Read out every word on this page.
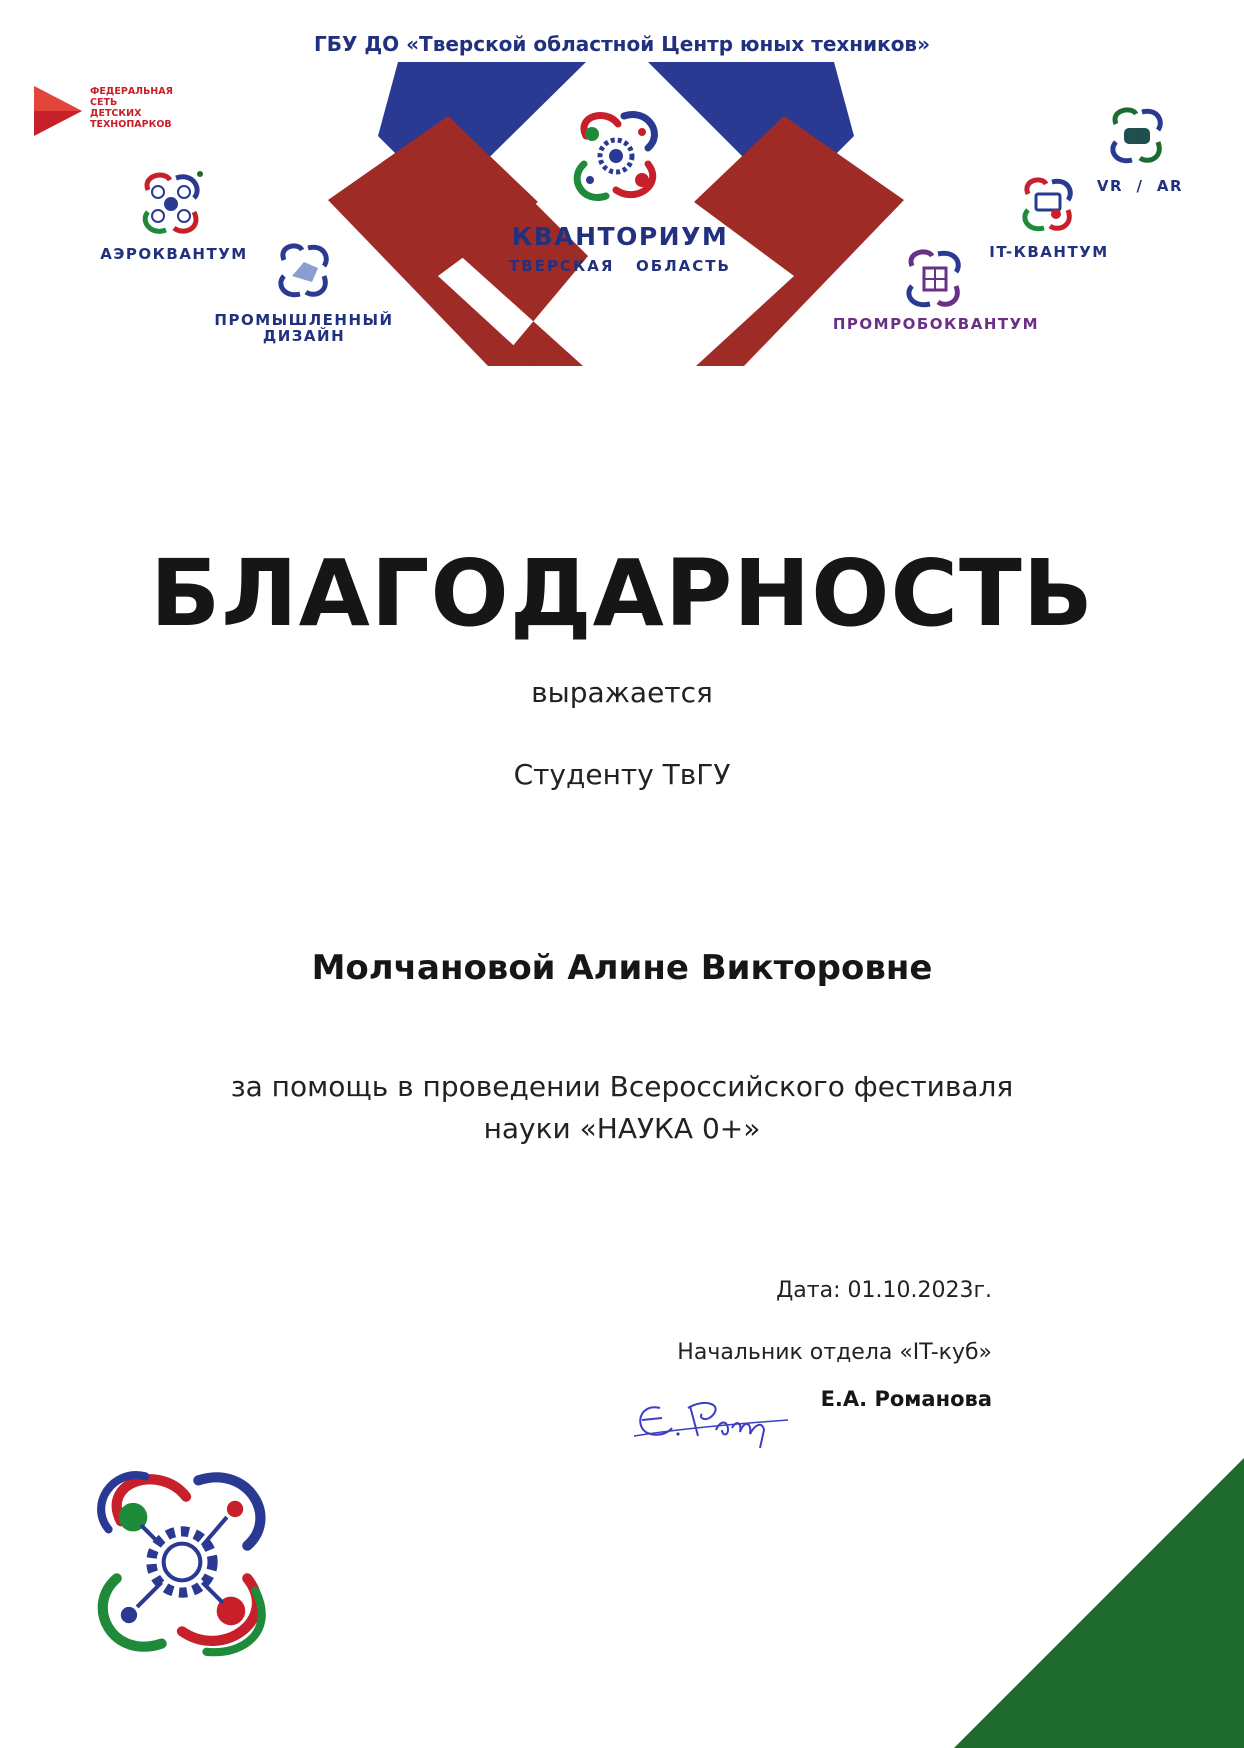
ГБУ ДО «Тверской областной Центр юных техников»
ФЕДЕРАЛЬНАЯ
СЕТЬ
ДЕТСКИХ
ТЕХНОПАРКОВ
КВАНТОРИУМ
ТВЕРСКАЯ   ОБЛАСТЬ
АЭРОКВАНТУМ
ПРОМЫШЛЕННЫЙ
ДИЗАЙН
VR  /  AR
IT-КВАНТУМ
ПРОМРОБОКВАНТУМ
БЛАГОДАРНОСТЬ
выражается
Студенту ТвГУ
Молчановой Алине Викторовне
за помощь в проведении Всероссийского фестиваля
науки «НАУКА 0+»
Дата: 01.10.2023г.
Начальник отдела «IT-куб»
Е.А. Романова
